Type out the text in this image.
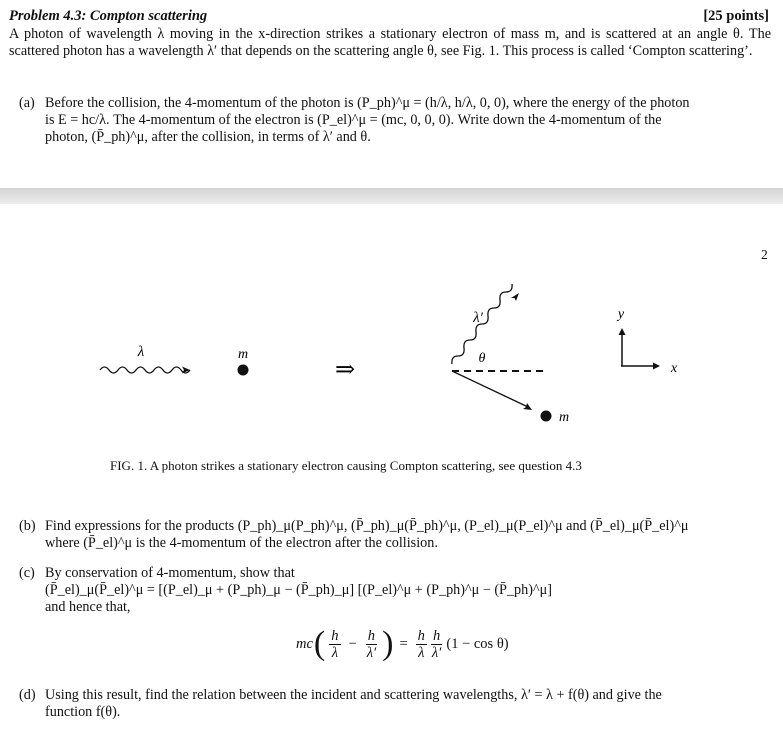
Problem 4.3: Compton scattering	[25 points]
A photon of wavelength λ moving in the x-direction strikes a stationary electron of mass m, and is scattered at an angle θ. The scattered photon has a wavelength λ′ that depends on the scattering angle θ, see Fig. 1. This process is called ‘Compton scattering’.
(a) Before the collision, the 4-momentum of the photon is (P_ph)^μ = (h/λ, h/λ, 0, 0), where the energy of the photon
is E = hc/λ. The 4-momentum of the electron is (P_el)^μ = (mc, 0, 0, 0). Write down the 4-momentum of the
photon, (P̄_ph)^μ, after the collision, in terms of λ′ and θ.
2
λ	m
⇒
λ′
θ
m
y
x
FIG. 1. A photon strikes a stationary electron causing Compton scattering, see question 4.3
(b) Find expressions for the products (P_ph)_μ(P_ph)^μ, (P̄_ph)_μ(P̄_ph)^μ, (P_el)_μ(P_el)^μ and (P̄_el)_μ(P̄_el)^μ
where (P̄_el)^μ is the 4-momentum of the electron after the collision.
(c) By conservation of 4-momentum, show that
(P̄_el)_μ(P̄_el)^μ = [(P_el)_μ + (P_ph)_μ − (P̄_ph)_μ] [(P_el)^μ + (P_ph)^μ − (P̄_ph)^μ]
and hence that,
mc ( $\frac{h}{\lambda} - \frac{h}{\lambda'}$ ) = $\frac{h}{\lambda} \frac{h}{\lambda'} (1 - \cos \theta)$
(d) Using this result, find the relation between the incident and scattering wavelengths, λ′ = λ + f(θ) and give the
function f(θ).
